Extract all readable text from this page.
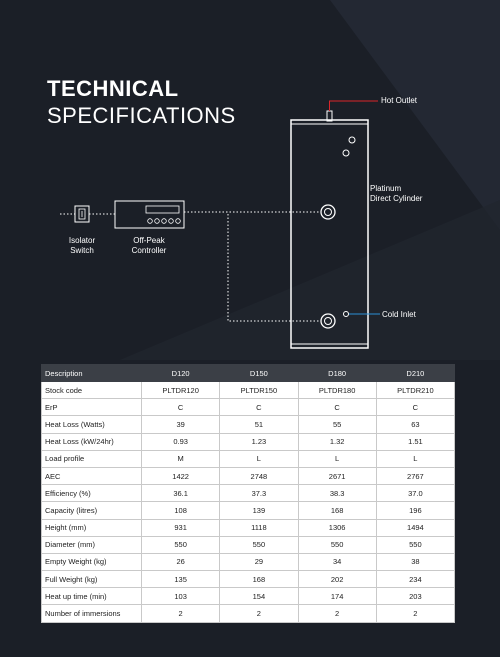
TECHNICAL
SPECIFICATIONS
Hot Outlet
Platinum
Direct Cylinder
Cold Inlet
Isolator
Switch
Off-Peak
Controller
Description	D120	D150	D180	D210
Stock code	PLTDR120	PLTDR150	PLTDR180	PLTDR210
ErP	C	C	C	C
Heat Loss (Watts)	39	51	55	63
Heat Loss (kW/24hr)	0.93	1.23	1.32	1.51
Load profile	M	L	L	L
AEC	1422	2748	2671	2767
Efficiency (%)	36.1	37.3	38.3	37.0
Capacity (litres)	108	139	168	196
Height (mm)	931	1118	1306	1494
Diameter (mm)	550	550	550	550
Empty Weight (kg)	26	29	34	38
Full Weight (kg)	135	168	202	234
Heat up time (min)	103	154	174	203
Number of immersions	2	2	2	2
